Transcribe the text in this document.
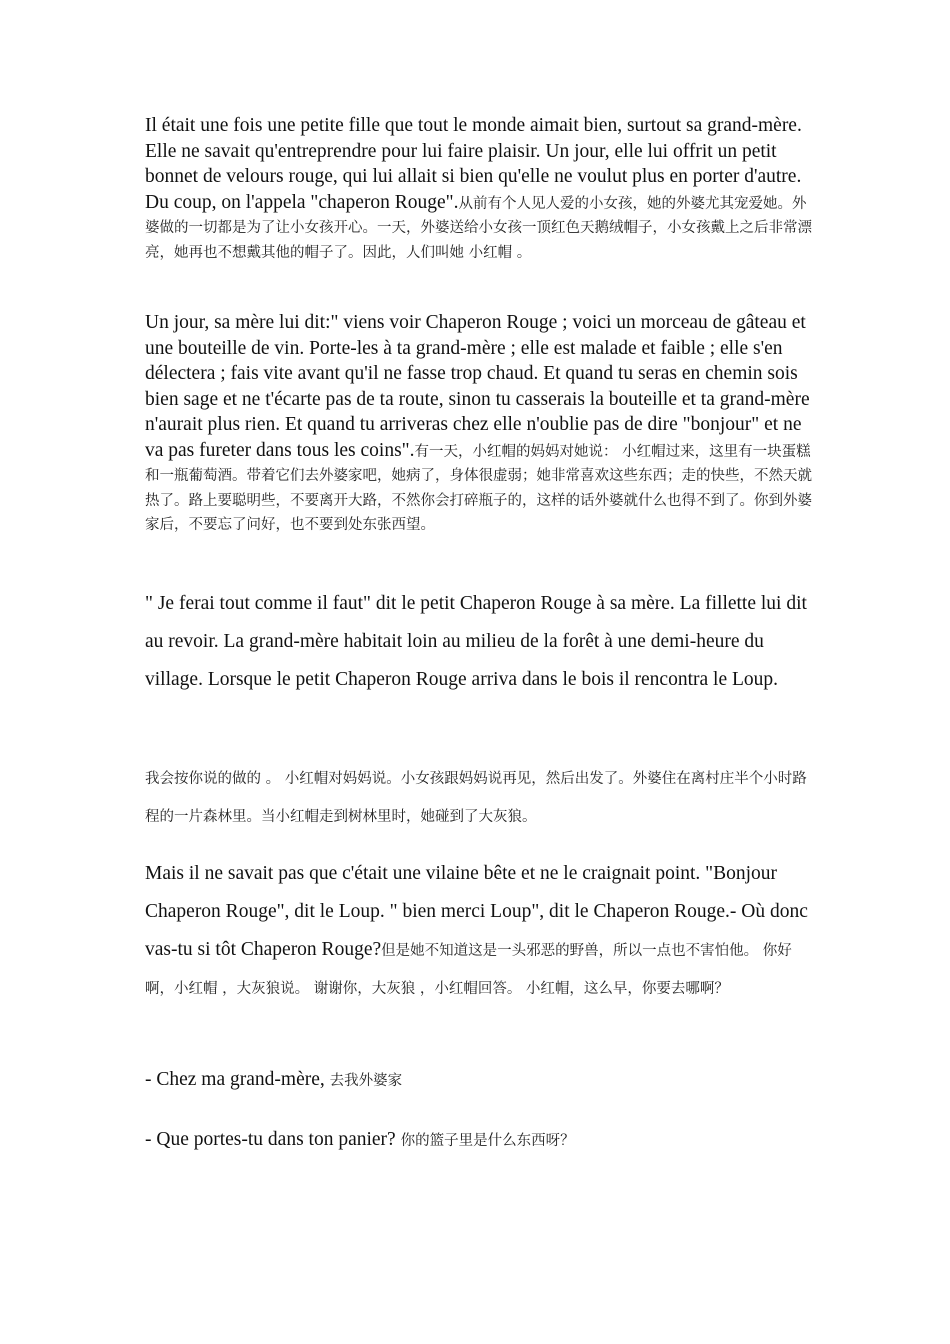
Il était une fois une petite fille que tout le monde aimait bien, surtout sa grand-mère. Elle ne savait qu'entreprendre pour lui faire plaisir. Un jour, elle lui offrit un petit bonnet de velours rouge, qui lui allait si bien qu'elle ne voulut plus en porter d'autre. Du coup, on l'appela "chaperon Rouge".从前有个人见人爱的小女孩，她的外婆尤其宠爱她。外婆做的一切都是为了让小女孩开心。一天，外婆送给小女孩一顶红色天鹅绒帽子，小女孩戴上之后非常漂亮，她再也不想戴其他的帽子了。因此，人们叫她 小红帽 。

Un jour, sa mère lui dit:" viens voir Chaperon Rouge ; voici un morceau de gâteau et une bouteille de vin. Porte-les à ta grand-mère ; elle est malade et faible ; elle s'en délectera ; fais vite avant qu'il ne fasse trop chaud. Et quand tu seras en chemin sois bien sage et ne t'écarte pas de ta route, sinon tu casserais la bouteille et ta grand-mère n'aurait plus rien. Et quand tu arriveras chez elle n'oublie pas de dire "bonjour" et ne va pas fureter dans tous les coins".有一天，小红帽的妈妈对她说： 小红帽过来，这里有一块蛋糕和一瓶葡萄酒。带着它们去外婆家吧，她病了，身体很虚弱；她非常喜欢这些东西；走的快些，不然天就热了。路上要聪明些，不要离开大路，不然你会打碎瓶子的，这样的话外婆就什么也得不到了。你到外婆家后，不要忘了问好，也不要到处东张西望。

" Je ferai tout comme il faut" dit le petit Chaperon Rouge à sa mère. La fillette lui dit au revoir. La grand-mère habitait loin au milieu de la forêt à une demi-heure du village. Lorsque le petit Chaperon Rouge arriva dans le bois il rencontra le Loup.

我会按你说的做的 。 小红帽对妈妈说。小女孩跟妈妈说再见，然后出发了。外婆住在离村庄半个小时路程的一片森林里。当小红帽走到树林里时，她碰到了大灰狼。

Mais il ne savait pas que c'était une vilaine bête et ne le craignait point. "Bonjour Chaperon Rouge", dit le Loup. " bien merci Loup", dit le Chaperon Rouge.- Où donc vas-tu si tôt Chaperon Rouge?但是她不知道这是一头邪恶的野兽，所以一点也不害怕他。 你好啊，小红帽 ，大灰狼说。 谢谢你，大灰狼 ，小红帽回答。 小红帽，这么早，你要去哪啊？

- Chez ma grand-mère, 去我外婆家

- Que portes-tu dans ton panier? 你的篮子里是什么东西呀？
